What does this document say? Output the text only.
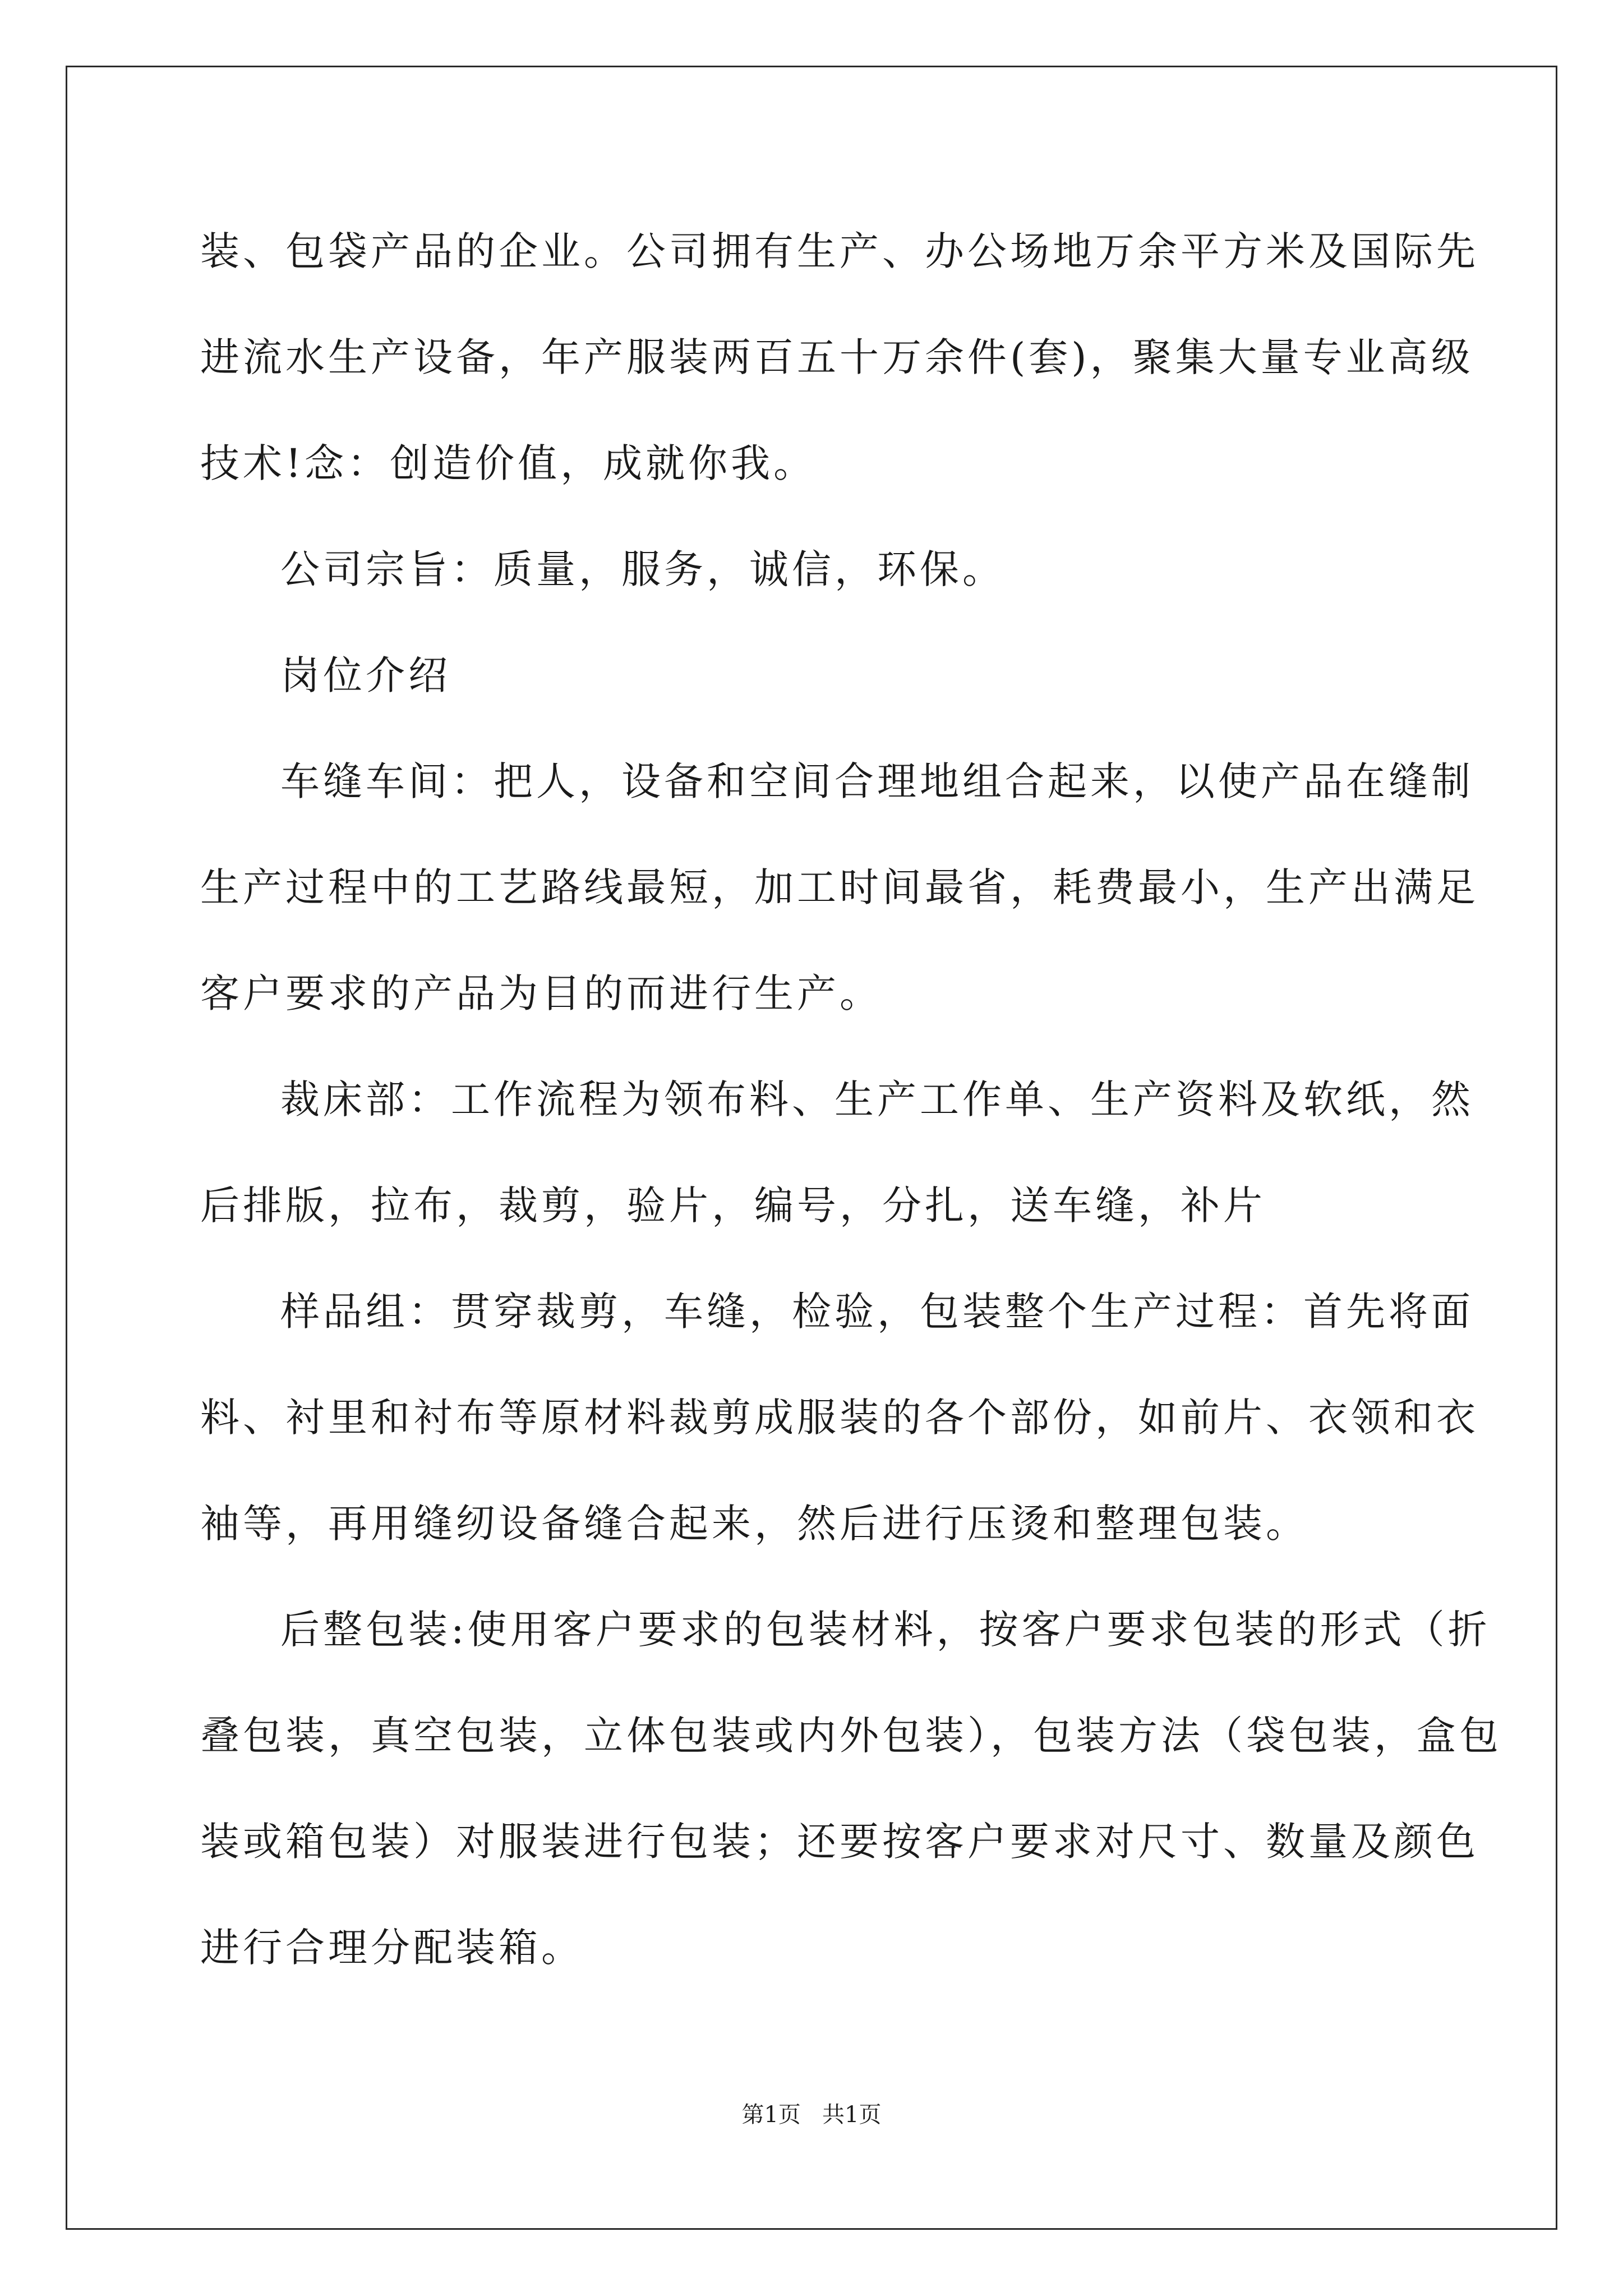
装、包袋产品的企业。公司拥有生产、办公场地万余平方米及国际先
进流水生产设备，年产服装两百五十万余件(套)，聚集大量专业高级
技术!念：创造价值，成就你我。
公司宗旨：质量，服务，诚信，环保。
岗位介绍
车缝车间：把人，设备和空间合理地组合起来，以使产品在缝制
生产过程中的工艺路线最短，加工时间最省，耗费最小，生产出满足
客户要求的产品为目的而进行生产。
裁床部：工作流程为领布料、生产工作单、生产资料及软纸，然
后排版，拉布，裁剪，验片，编号，分扎，送车缝，补片
样品组：贯穿裁剪，车缝，检验，包装整个生产过程：首先将面
料、衬里和衬布等原材料裁剪成服装的各个部份，如前片、衣领和衣
袖等，再用缝纫设备缝合起来，然后进行压烫和整理包装。
后整包装:使用客户要求的包装材料，按客户要求包装的形式（折
叠包装，真空包装，立体包装或内外包装），包装方法（袋包装，盒包
装或箱包装）对服装进行包装；还要按客户要求对尺寸、数量及颜色
进行合理分配装箱。
第1页   共1页
